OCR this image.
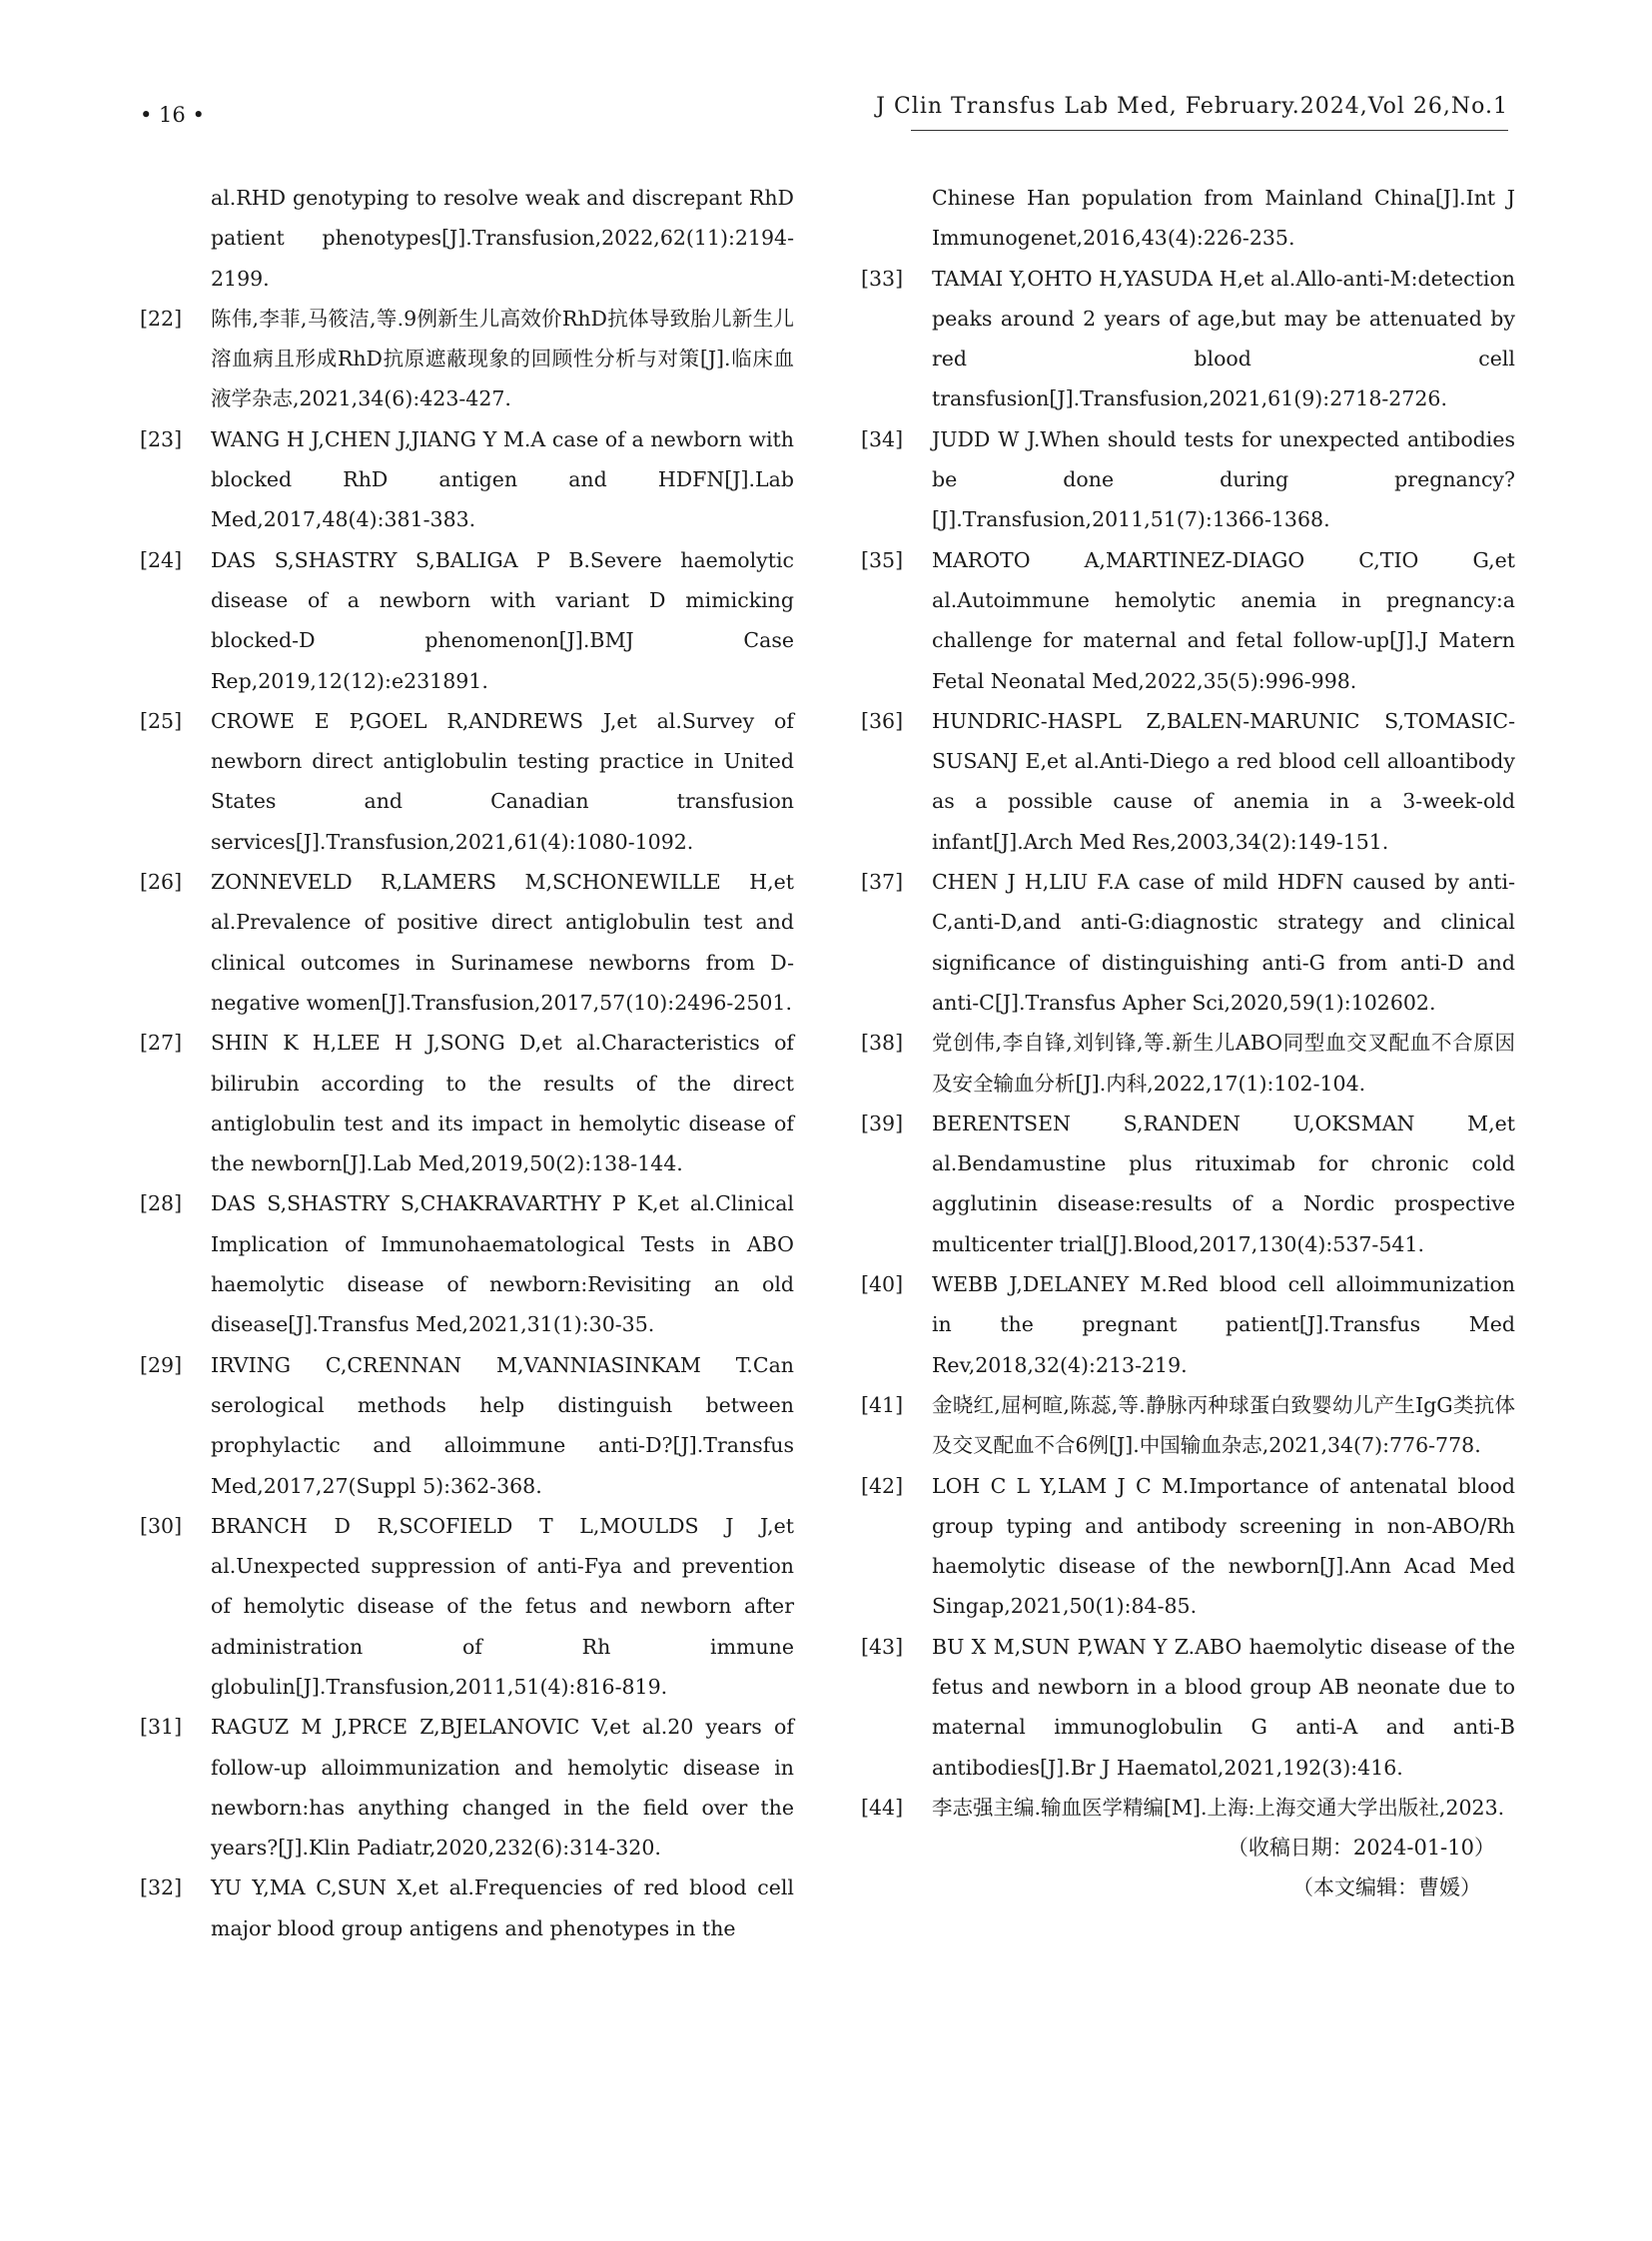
• 16 •	J Clin Transfus Lab Med, February.2024,Vol 26,No.1
al.RHD genotyping to resolve weak and discrepant RhD patient phenotypes[J].Transfusion,2022,62(11):2194-2199.
[22] 陈伟,李菲,马筱洁,等.9例新生儿高效价RhD抗体导致胎儿新生儿溶血病且形成RhD抗原遮蔽现象的回顾性分析与对策[J].临床血液学杂志,2021,34(6):423-427.
[23] WANG H J,CHEN J,JIANG Y M.A case of a newborn with blocked RhD antigen and HDFN[J].Lab Med,2017,48(4):381-383.
[24] DAS S,SHASTRY S,BALIGA P B.Severe haemolytic disease of a newborn with variant D mimicking blocked-D phenomenon[J].BMJ Case Rep,2019,12(12):e231891.
[25] CROWE E P,GOEL R,ANDREWS J,et al.Survey of newborn direct antiglobulin testing practice in United States and Canadian transfusion services[J].Transfusion,2021,61(4):1080-1092.
[26] ZONNEVELD R,LAMERS M,SCHONEWILLE H,et al.Prevalence of positive direct antiglobulin test and clinical outcomes in Surinamese newborns from D-negative women[J].Transfusion,2017,57(10):2496-2501.
[27] SHIN K H,LEE H J,SONG D,et al.Characteristics of bilirubin according to the results of the direct antiglobulin test and its impact in hemolytic disease of the newborn[J].Lab Med,2019,50(2):138-144.
[28] DAS S,SHASTRY S,CHAKRAVARTHY P K,et al.Clinical Implication of Immunohaematological Tests in ABO haemolytic disease of newborn:Revisiting an old disease[J].Transfus Med,2021,31(1):30-35.
[29] IRVING C,CRENNAN M,VANNIASINKAM T.Can serological methods help distinguish between prophylactic and alloimmune anti-D?[J].Transfus Med,2017,27(Suppl 5):362-368.
[30] BRANCH D R,SCOFIELD T L,MOULDS J J,et al.Unexpected suppression of anti-Fya and prevention of hemolytic disease of the fetus and newborn after administration of Rh immune globulin[J].Transfusion,2011,51(4):816-819.
[31] RAGUZ M J,PRCE Z,BJELANOVIC V,et al.20 years of follow-up alloimmunization and hemolytic disease in newborn:has anything changed in the field over the years?[J].Klin Padiatr,2020,232(6):314-320.
[32] YU Y,MA C,SUN X,et al.Frequencies of red blood cell major blood group antigens and phenotypes in the
Chinese Han population from Mainland China[J].Int J Immunogenet,2016,43(4):226-235.
[33] TAMAI Y,OHTO H,YASUDA H,et al.Allo-anti-M:detection peaks around 2 years of age,but may be attenuated by red blood cell transfusion[J].Transfusion,2021,61(9):2718-2726.
[34] JUDD W J.When should tests for unexpected antibodies be done during pregnancy?[J].Transfusion,2011,51(7):1366-1368.
[35] MAROTO A,MARTINEZ-DIAGO C,TIO G,et al.Autoimmune hemolytic anemia in pregnancy:a challenge for maternal and fetal follow-up[J].J Matern Fetal Neonatal Med,2022,35(5):996-998.
[36] HUNDRIC-HASPL Z,BALEN-MARUNIC S,TOMASIC-SUSANJ E,et al.Anti-Diego a red blood cell alloantibody as a possible cause of anemia in a 3-week-old infant[J].Arch Med Res,2003,34(2):149-151.
[37] CHEN J H,LIU F.A case of mild HDFN caused by anti-C,anti-D,and anti-G:diagnostic strategy and clinical significance of distinguishing anti-G from anti-D and anti-C[J].Transfus Apher Sci,2020,59(1):102602.
[38] 党创伟,李自锋,刘钊锋,等.新生儿ABO同型血交叉配血不合原因及安全输血分析[J].内科,2022,17(1):102-104.
[39] BERENTSEN S,RANDEN U,OKSMAN M,et al.Bendamustine plus rituximab for chronic cold agglutinin disease:results of a Nordic prospective multicenter trial[J].Blood,2017,130(4):537-541.
[40] WEBB J,DELANEY M.Red blood cell alloimmunization in the pregnant patient[J].Transfus Med Rev,2018,32(4):213-219.
[41] 金晓红,屈柯暄,陈蕊,等.静脉丙种球蛋白致婴幼儿产生IgG类抗体及交叉配血不合6例[J].中国输血杂志,2021,34(7):776-778.
[42] LOH C L Y,LAM J C M.Importance of antenatal blood group typing and antibody screening in non-ABO/Rh haemolytic disease of the newborn[J].Ann Acad Med Singap,2021,50(1):84-85.
[43] BU X M,SUN P,WAN Y Z.ABO haemolytic disease of the fetus and newborn in a blood group AB neonate due to maternal immunoglobulin G anti-A and anti-B antibodies[J].Br J Haematol,2021,192(3):416.
[44] 李志强主编.输血医学精编[M].上海:上海交通大学出版社,2023.
（收稿日期：2024-01-10）
（本文编辑：曹媛）
